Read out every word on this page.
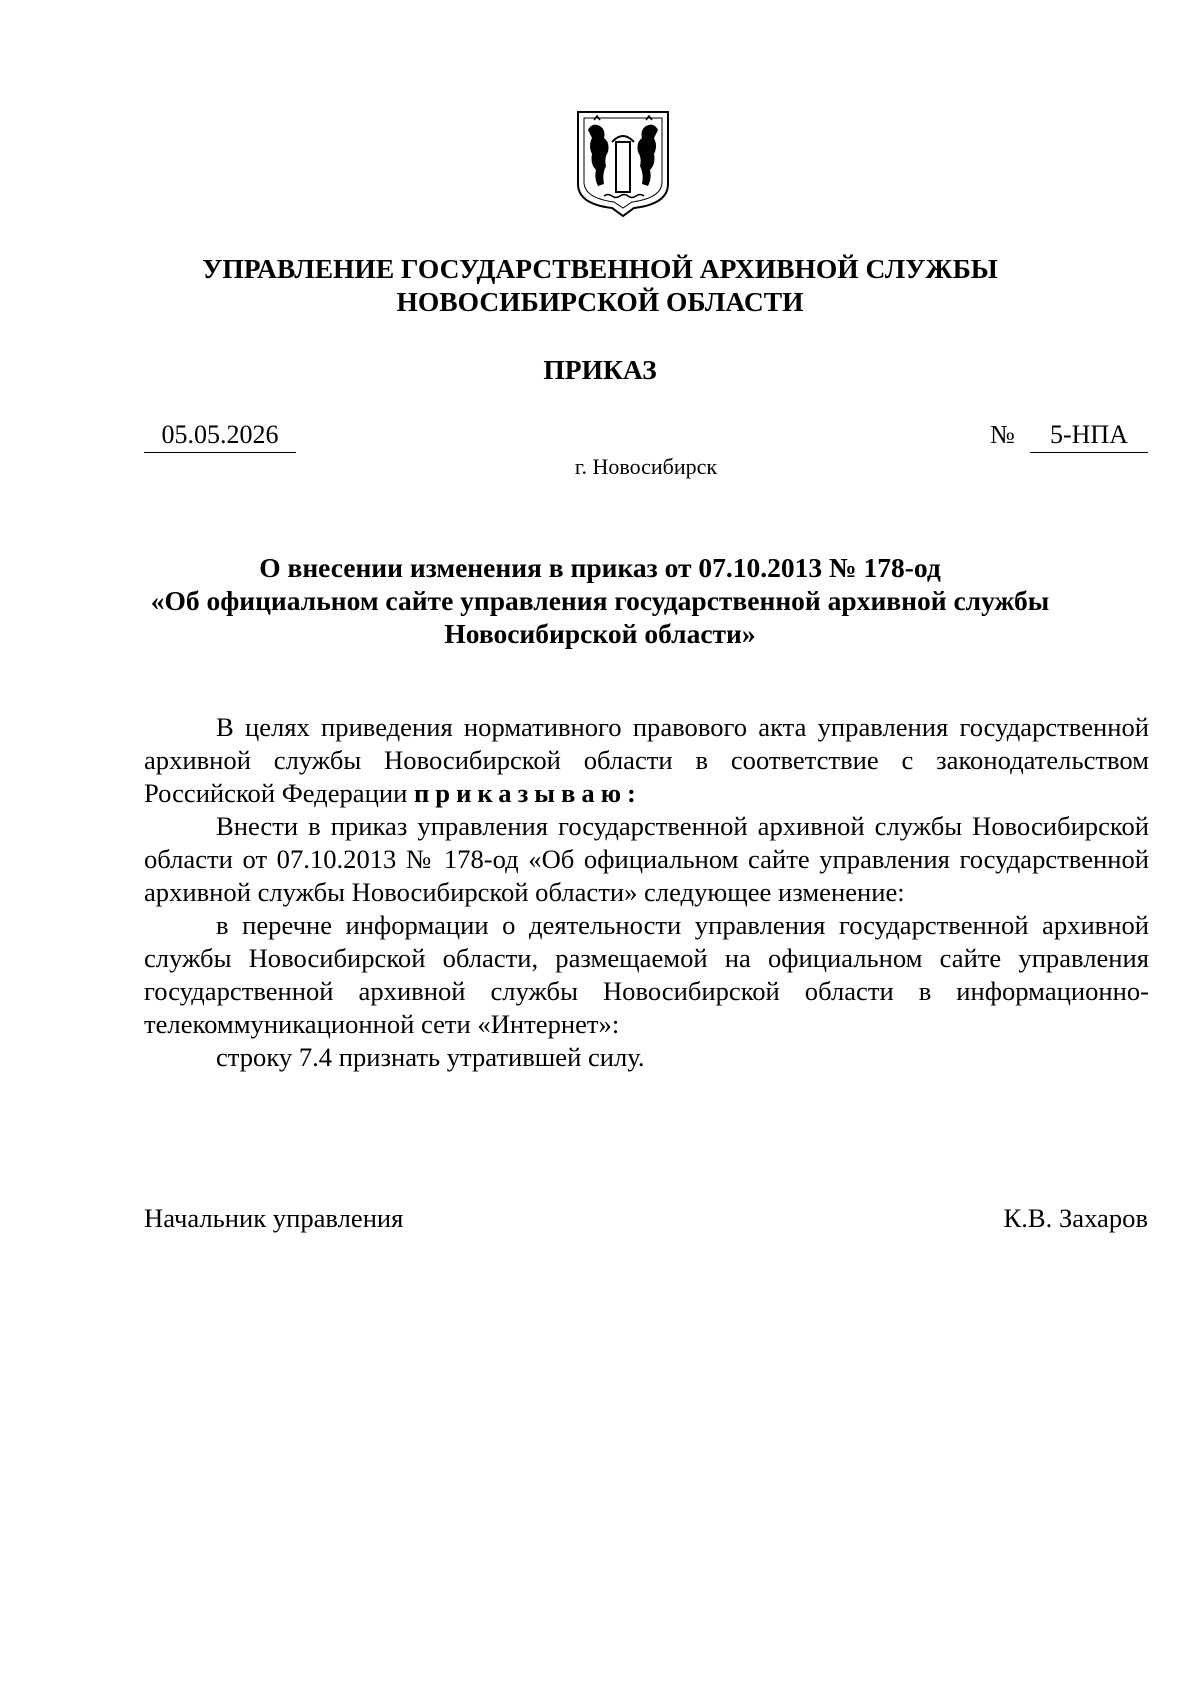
УПРАВЛЕНИЕ ГОСУДАРСТВЕННОЙ АРХИВНОЙ СЛУЖБЫ
НОВОСИБИРСКОЙ ОБЛАСТИ
ПРИКАЗ
05.05.2026	№	5-НПА
г. Новосибирск
О внесении изменения в приказ от 07.10.2013 № 178-од
«Об официальном сайте управления государственной архивной службы
Новосибирской области»

В целях приведения нормативного правового акта управления государственной архивной службы Новосибирской области в соответствие с законодательством Российской Федерации приказываю:

Внести в приказ управления государственной архивной службы Новосибирской области от 07.10.2013 № 178-од «Об официальном сайте управления государственной архивной службы Новосибирской области» следующее изменение:

в перечне информации о деятельности управления государственной архивной службы Новосибирской области, размещаемой на официальном сайте управления государственной архивной службы Новосибирской области в информационно-телекоммуникационной сети «Интернет»:

строку 7.4 признать утратившей силу.

Начальник управления	К.В. Захаров
